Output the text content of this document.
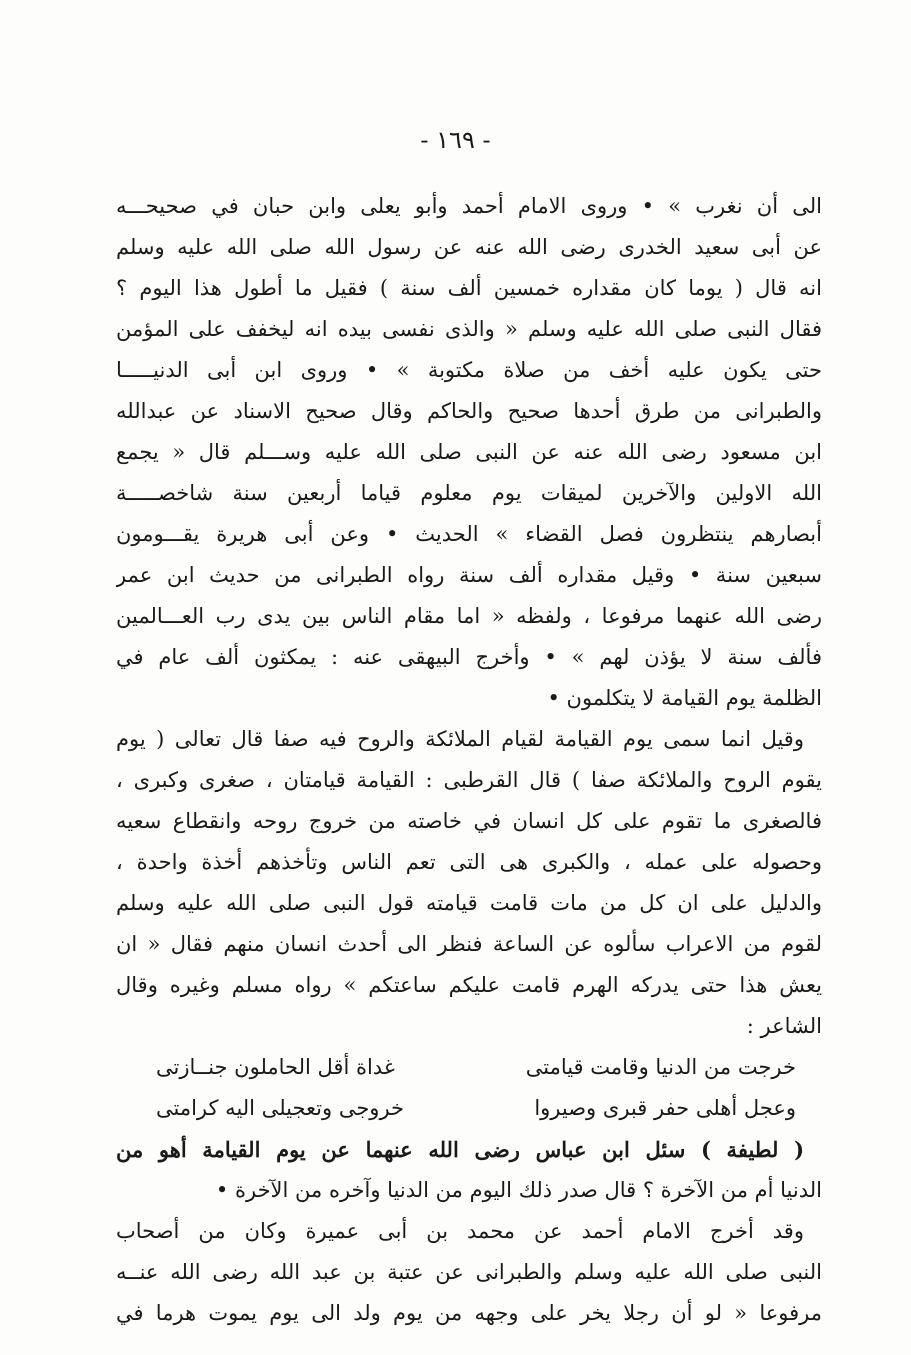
- ١٦٩ -
الى أن نغرب » • وروى الامام أحمد وأبو يعلى وابن حبان في صحيحـــه
عن أبى سعيد الخدرى رضى الله عنه عن رسول الله صلى الله عليه وسلم
انه قال ( يوما كان مقداره خمسين ألف سنة ) فقيل ما أطول هذا اليوم ؟
فقال النبى صلى الله عليه وسلم « والذى نفسى بيده انه ليخفف على المؤمن
حتى يكون عليه أخف من صلاة مكتوبة » • وروى ابن أبى الدنيـــــا
والطبرانى من طرق أحدها صحيح والحاكم وقال صحيح الاسناد عن عبدالله
ابن مسعود رضى الله عنه عن النبى صلى الله عليه وســـلم قال « يجمع
الله الاولين والآخرين لميقات يوم معلوم قياما أربعين سنة شاخصـــــة
أبصارهم ينتظرون فصل القضاء » الحديث • وعن أبى هريرة يقـــومون
سبعين سنة • وقيل مقداره ألف سنة رواه الطبرانى من حديث ابن عمر
رضى الله عنهما مرفوعا ، ولفظه « اما مقام الناس بين يدى رب العـــالمين
فألف سنة لا يؤذن لهم » • وأخرج البيهقى عنه : يمكثون ألف عام في
الظلمة يوم القيامة لا يتكلمون •
وقيل انما سمى يوم القيامة لقيام الملائكة والروح فيه صفا قال تعالى ( يوم
يقوم الروح والملائكة صفا ) قال القرطبى : القيامة قيامتان ، صغرى وكبرى ،
فالصغرى ما تقوم على كل انسان في خاصته من خروج روحه وانقطاع سعيه
وحصوله على عمله ، والكبرى هى التى تعم الناس وتأخذهم أخذة واحدة ،
والدليل على ان كل من مات قامت قيامته قول النبى صلى الله عليه وسلم
لقوم من الاعراب سألوه عن الساعة فنظر الى أحدث انسان منهم فقال « ان
يعش هذا حتى يدركه الهرم قامت عليكم ساعتكم » رواه مسلم وغيره وقال
الشاعر :
خرجت من الدنيا وقامت قيامتى
غداة أقل الحاملون جنــازتى
وعجل أهلى حفر قبرى وصيروا
خروجى وتعجيلى اليه كرامتى
( لطيفة ) سئل ابن عباس رضى الله عنهما عن يوم القيامة أهو من
الدنيا أم من الآخرة ؟ قال صدر ذلك اليوم من الدنيا وآخره من الآخرة •
وقد أخرج الامام أحمد عن محمد بن أبى عميرة وكان من أصحاب
النبى صلى الله عليه وسلم والطبرانى عن عتبة بن عبد الله رضى الله عنــه
مرفوعا « لو أن رجلا يخر على وجهه من يوم ولد الى يوم يموت هرما في
